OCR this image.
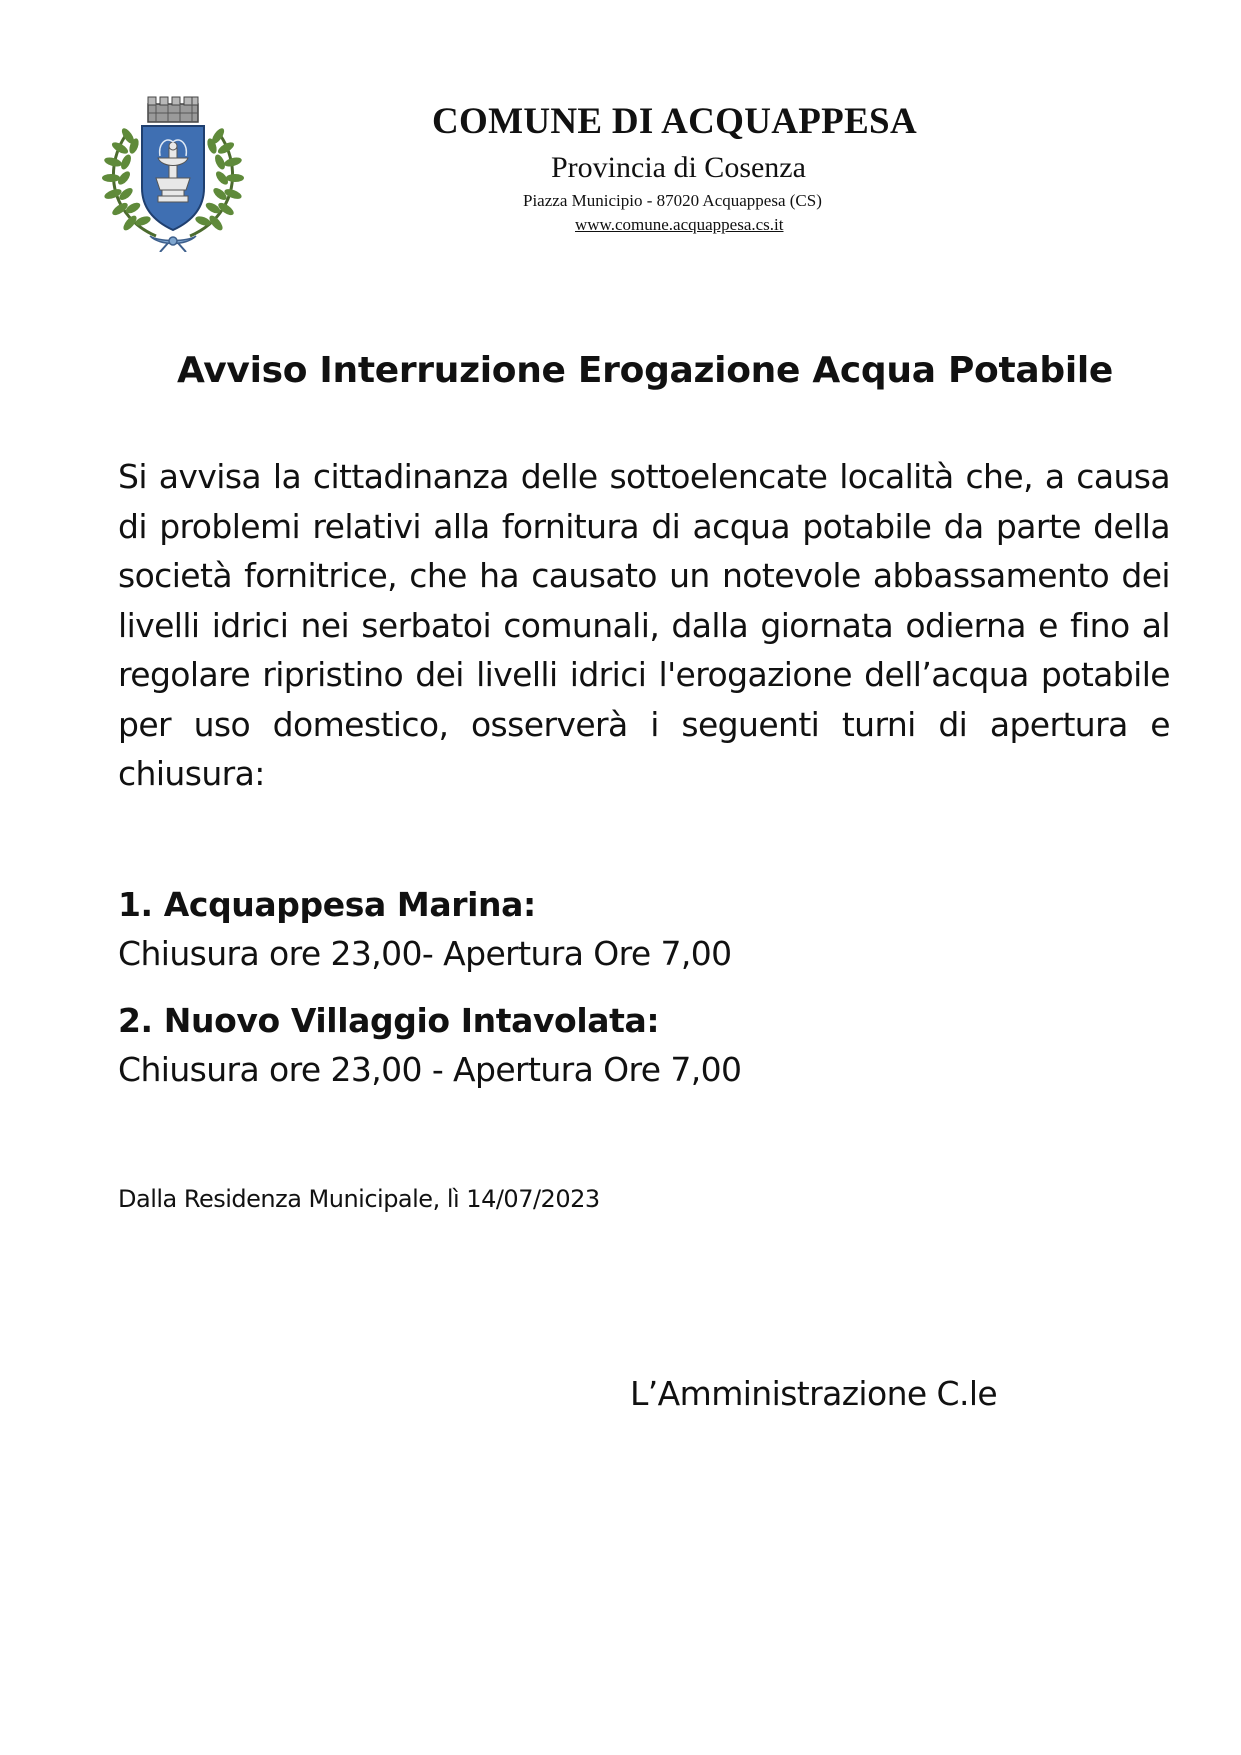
COMUNE DI ACQUAPPESA
Provincia di Cosenza
Piazza Municipio - 87020 Acquappesa (CS)
www.comune.acquappesa.cs.it
Avviso Interruzione Erogazione Acqua Potabile
Si avvisa la cittadinanza delle sottoelencate località che, a causa di problemi relativi alla fornitura di acqua potabile da parte della società fornitrice, che ha causato un notevole abbassamento dei livelli idrici nei serbatoi comunali, dalla giornata odierna e fino al regolare ripristino dei livelli idrici l'erogazione dell’acqua potabile per uso domestico, osserverà i seguenti turni di apertura e chiusura:
1. Acquappesa Marina:
Chiusura ore 23,00- Apertura Ore 7,00
2. Nuovo Villaggio Intavolata:
Chiusura ore 23,00 - Apertura Ore 7,00
Dalla Residenza Municipale, lì 14/07/2023
L’Amministrazione C.le
